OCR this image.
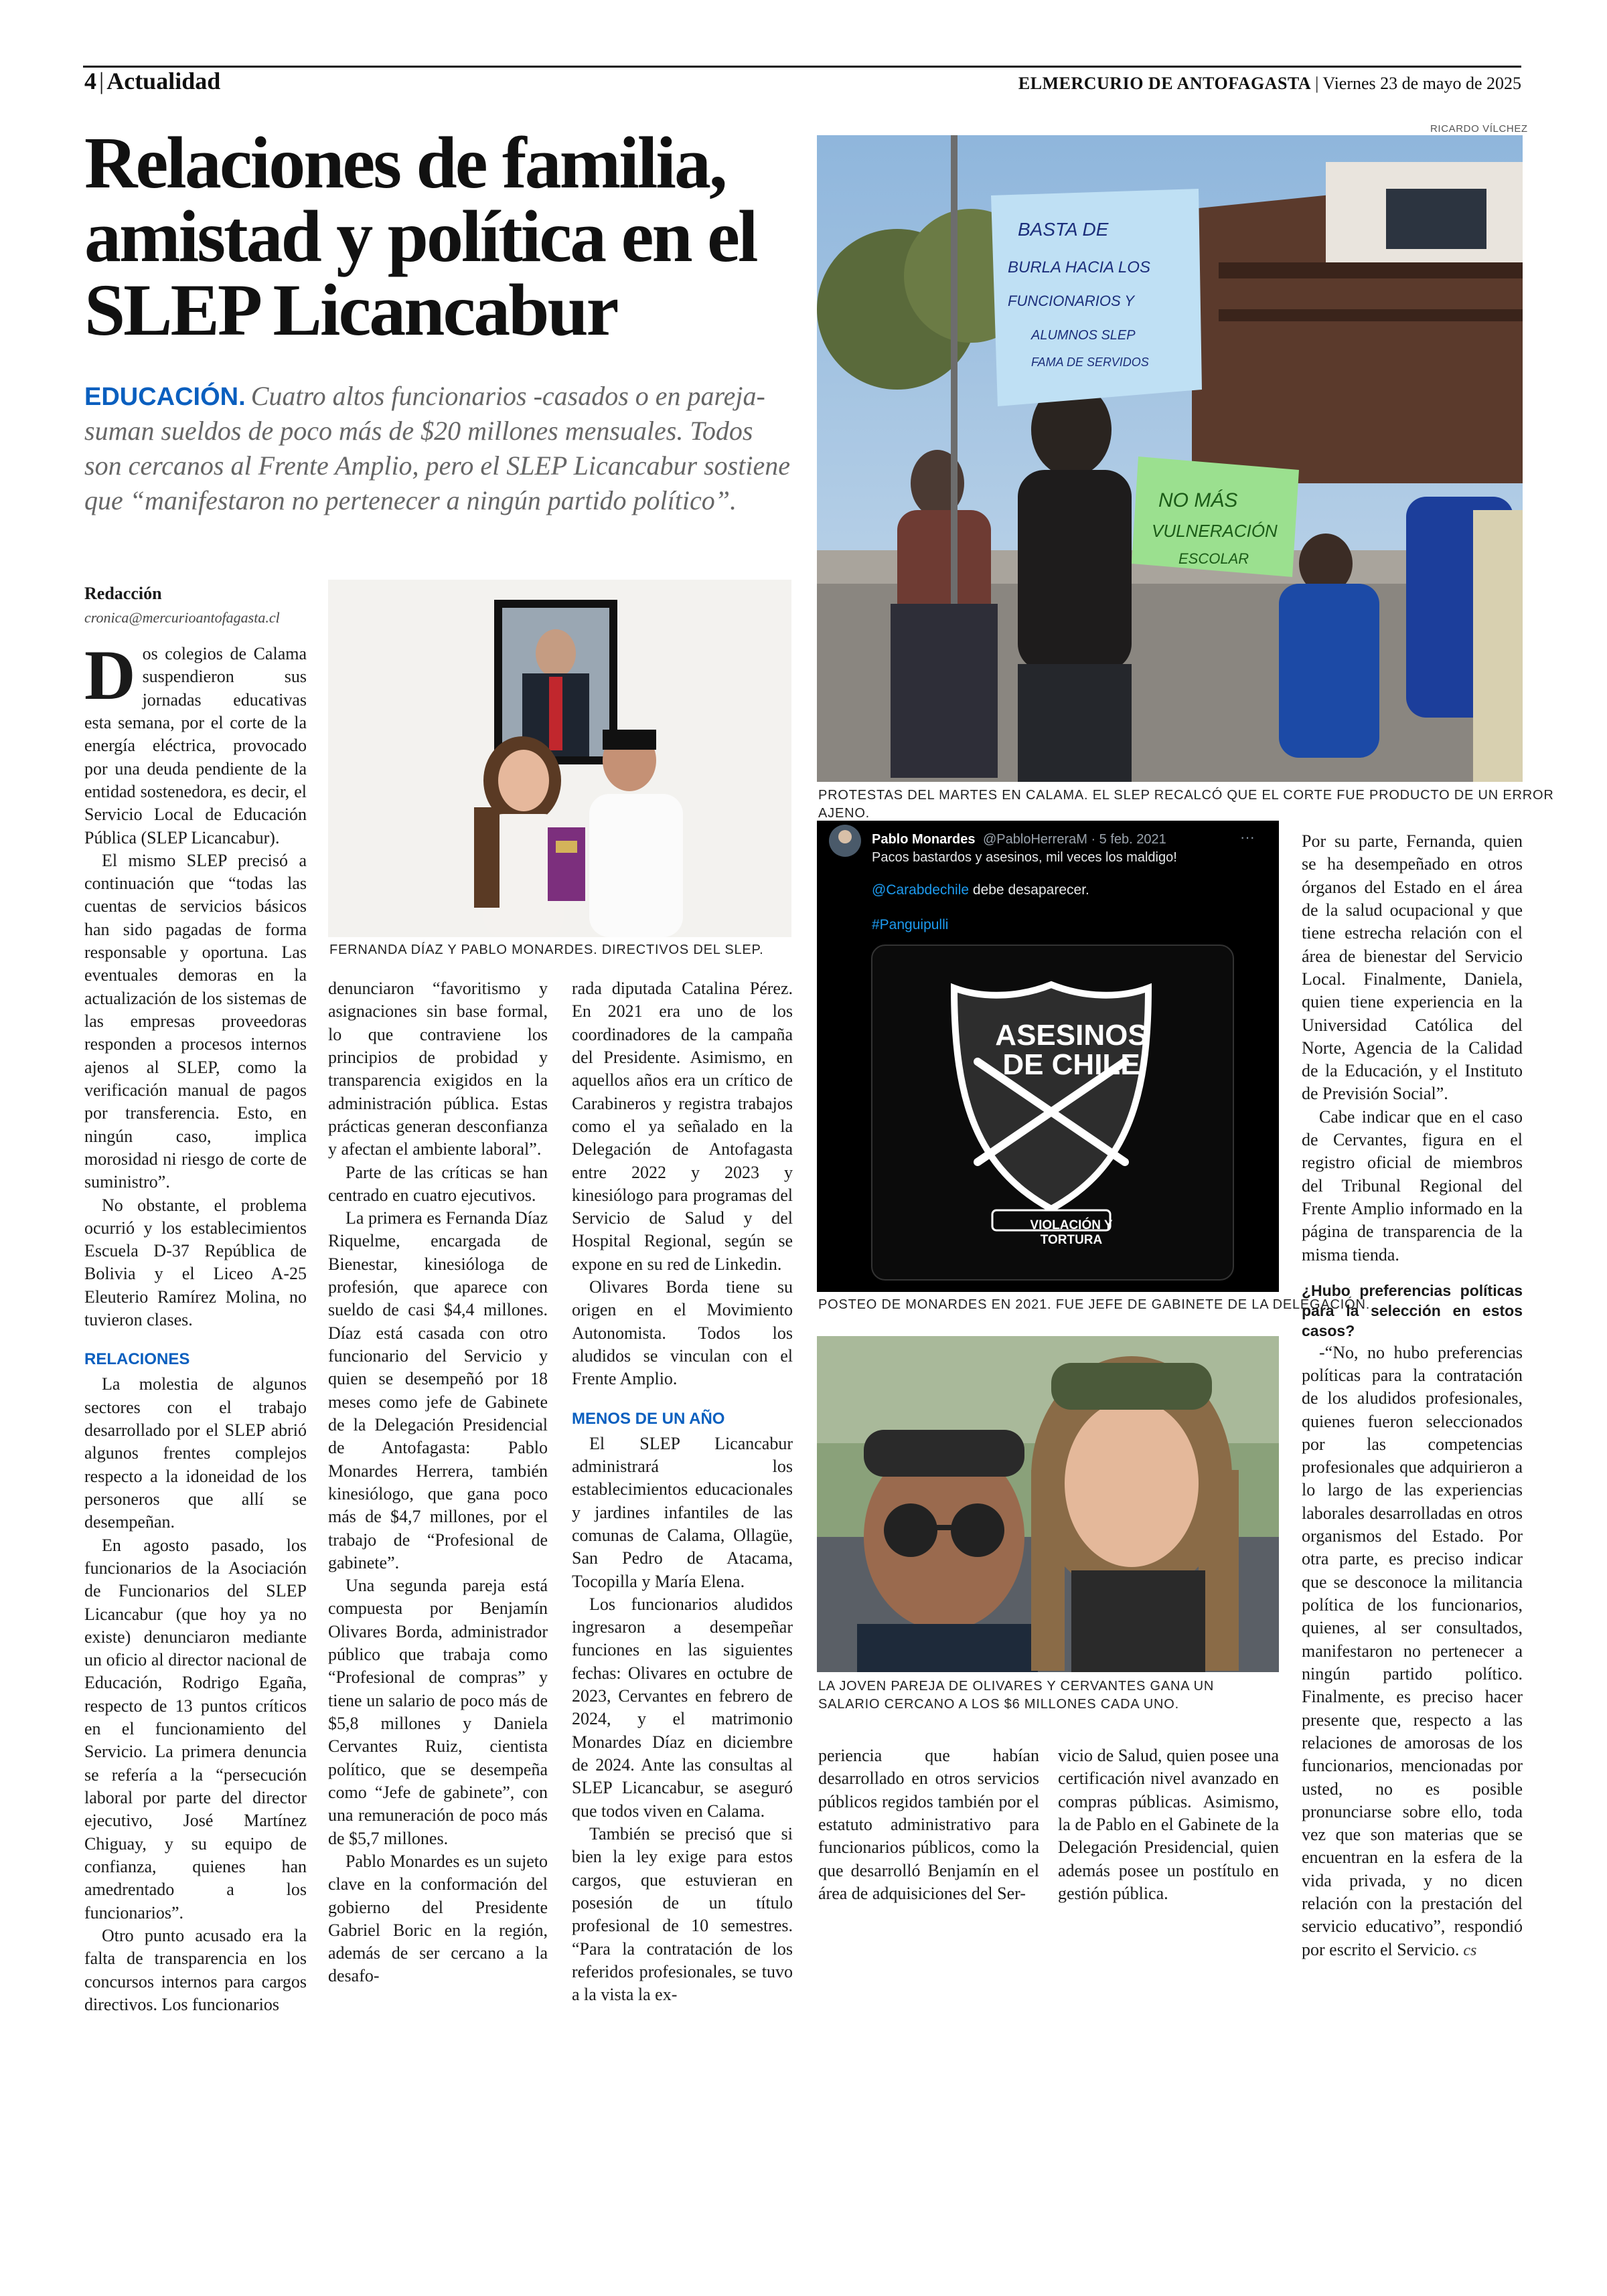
4 | Actualidad	ELMERCURIO DE ANTOFAGASTA | Viernes 23 de mayo de 2025
Relaciones de familia, amistad y política en el SLEP Licancabur
EDUCACIÓN. Cuatro altos funcionarios -casados o en pareja- suman sueldos de poco más de $20 millones mensuales. Todos son cercanos al Frente Amplio, pero el SLEP Licancabur sostiene que “manifestaron no pertenecer a ningún partido político”.
Redacción
cronica@mercurioantofagasta.cl
RICARDO VÍLCHEZ
BASTA DE
BURLA HACIA LOS
FUNCIONARIOS Y
ALUMNOS SLEP
FAMA DE SERVIDOS
NO MÁS
VULNERACIÓN
ESCOLAR
PROTESTAS DEL MARTES EN CALAMA. EL SLEP RECALCÓ QUE EL CORTE FUE PRODUCTO DE UN ERROR AJENO.
FERNANDA DÍAZ Y PABLO MONARDES. DIRECTIVOS DEL SLEP.
···
Pablo Monardes @PabloHerreraM · 5 feb. 2021
Pacos bastardos y asesinos, mil veces los maldigo!
@Carabdechile debe desaparecer.
#Panguipulli
ASESINOS DE CHILE
VIOLACIÓN Y TORTURA
POSTEO DE MONARDES EN 2021. FUE JEFE DE GABINETE DE LA DELEGACIÓN.
LA JOVEN PAREJA DE OLIVARES Y CERVANTES GANA UN SALARIO CERCANO A LOS $6 MILLONES CADA UNO.

Dos colegios de Calama suspendieron sus jornadas educativas esta semana, por el corte de la energía eléctrica, provocado por una deuda pendiente de la entidad sostenedora, es decir, el Servicio Local de Educación Pública (SLEP Licancabur).

El mismo SLEP precisó a continuación que “todas las cuentas de servicios básicos han sido pagadas de forma responsable y oportuna. Las eventuales demoras en la actualización de los sistemas de las empresas proveedoras responden a procesos internos ajenos al SLEP, como la verificación manual de pagos por transferencia. Esto, en ningún caso, implica morosidad ni riesgo de corte de suministro”.

No obstante, el problema ocurrió y los establecimientos Escuela D-37 República de Bolivia y el Liceo A-25 Eleuterio Ramírez Molina, no tuvieron clases.

RELACIONES

La molestia de algunos sectores con el trabajo desarrollado por el SLEP abrió algunos frentes complejos respecto a la idoneidad de los personeros que allí se desempeñan.

En agosto pasado, los funcionarios de la Asociación de Funcionarios del SLEP Licancabur (que hoy ya no existe) denunciaron mediante un oficio al director nacional de Educación, Rodrigo Egaña, respecto de 13 puntos críticos en el funcionamiento del Servicio. La primera denuncia se refería a la “persecución laboral por parte del director ejecutivo, José Martínez Chiguay, y su equipo de confianza, quienes han amedrentado a los funcionarios”.

Otro punto acusado era la falta de transparencia en los concursos internos para cargos directivos. Los funcionarios

denunciaron “favoritismo y asignaciones sin base formal, lo que contraviene los principios de probidad y transparencia exigidos en la administración pública. Estas prácticas generan desconfianza y afectan el ambiente laboral”.

Parte de las críticas se han centrado en cuatro ejecutivos.

La primera es Fernanda Díaz Riquelme, encargada de Bienestar, kinesióloga de profesión, que aparece con sueldo de casi $4,4 millones. Díaz está casada con otro funcionario del Servicio y quien se desempeñó por 18 meses como jefe de Gabinete de la Delegación Presidencial de Antofagasta: Pablo Monardes Herrera, también kinesiólogo, que gana poco más de $4,7 millones, por el trabajo de “Profesional de gabinete”.

Una segunda pareja está compuesta por Benjamín Olivares Borda, administrador público que trabaja como “Profesional de compras” y tiene un salario de poco más de $5,8 millones y Daniela Cervantes Ruiz, cientista político, que se desempeña como “Jefe de gabinete”, con una remuneración de poco más de $5,7 millones.

Pablo Monardes es un sujeto clave en la conformación del gobierno del Presidente Gabriel Boric en la región, además de ser cercano a la desafo-

rada diputada Catalina Pérez. En 2021 era uno de los coordinadores de la campaña del Presidente. Asimismo, en aquellos años era un crítico de Carabineros y registra trabajos como el ya señalado en la Delegación de Antofagasta entre 2022 y 2023 y kinesiólogo para programas del Servicio de Salud y del Hospital Regional, según se expone en su red de Linkedin.

Olivares Borda tiene su origen en el Movimiento Autonomista. Todos los aludidos se vinculan con el Frente Amplio.

MENOS DE UN AÑO

El SLEP Licancabur administrará los establecimientos educacionales y jardines infantiles de las comunas de Calama, Ollagüe, San Pedro de Atacama, Tocopilla y María Elena.

Los funcionarios aludidos ingresaron a desempeñar funciones en las siguientes fechas: Olivares en octubre de 2023, Cervantes en febrero de 2024, y el matrimonio Monardes Díaz en diciembre de 2024. Ante las consultas al SLEP Licancabur, se aseguró que todos viven en Calama.

También se precisó que si bien la ley exige para estos cargos, que estuvieran en posesión de un título profesional de 10 semestres. “Para la contratación de los referidos profesionales, se tuvo a la vista la ex-

periencia que habían desarrollado en otros servicios públicos regidos también por el estatuto administrativo para funcionarios públicos, como la que desarrolló Benjamín en el área de adquisiciones del Ser-

vicio de Salud, quien posee una certificación nivel avanzado en compras públicas. Asimismo, la de Pablo en el Gabinete de la Delegación Presidencial, quien además posee un postítulo en gestión pública.

Por su parte, Fernanda, quien se ha desempeñado en otros órganos del Estado en el área de la salud ocupacional y que tiene estrecha relación con el área de bienestar del Servicio Local. Finalmente, Daniela, quien tiene experiencia en la Universidad Católica del Norte, Agencia de la Calidad de la Educación, y el Instituto de Previsión Social”.

Cabe indicar que en el caso de Cervantes, figura en el registro oficial de miembros del Tribunal Regional del Frente Amplio informado en la página de transparencia de la misma tienda.

¿Hubo preferencias políticas para la selección en estos casos?

-“No, no hubo preferencias políticas para la contratación de los aludidos profesionales, quienes fueron seleccionados por las competencias profesionales que adquirieron a lo largo de las experiencias laborales desarrolladas en otros organismos del Estado. Por otra parte, es preciso indicar que se desconoce la militancia política de los funcionarios, quienes, al ser consultados, manifestaron no pertenecer a ningún partido político. Finalmente, es preciso hacer presente que, respecto a las relaciones de amorosas de los funcionarios, mencionadas por usted, no es posible pronunciarse sobre ello, toda vez que son materias que se encuentran en la esfera de la vida privada, y no dicen relación con la prestación del servicio educativo”, respondió por escrito el Servicio. cs
